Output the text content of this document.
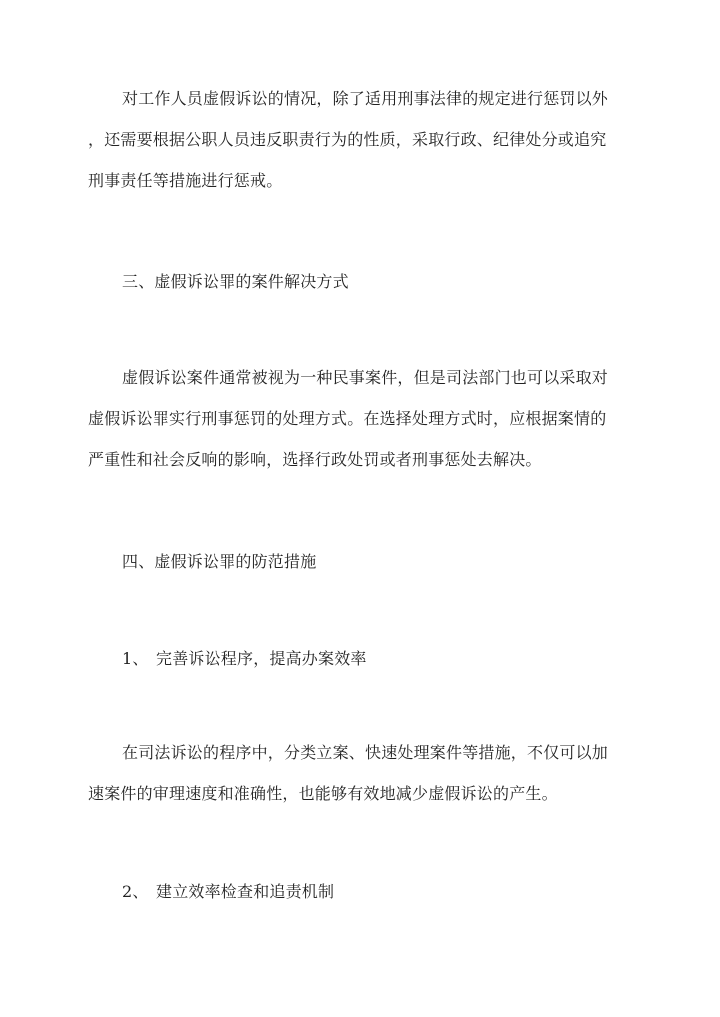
对工作人员虚假诉讼的情况，除了适用刑事法律的规定进行惩罚以外
，还需要根据公职人员违反职责行为的性质，采取行政、纪律处分或追究
刑事责任等措施进行惩戒。
三、虚假诉讼罪的案件解决方式
虚假诉讼案件通常被视为一种民事案件，但是司法部门也可以采取对
虚假诉讼罪实行刑事惩罚的处理方式。在选择处理方式时，应根据案情的
严重性和社会反响的影响，选择行政处罚或者刑事惩处去解决。
四、虚假诉讼罪的防范措施
1、 完善诉讼程序，提高办案效率
在司法诉讼的程序中，分类立案、快速处理案件等措施，不仅可以加
速案件的审理速度和准确性，也能够有效地减少虚假诉讼的产生。
2、 建立效率检查和追责机制
